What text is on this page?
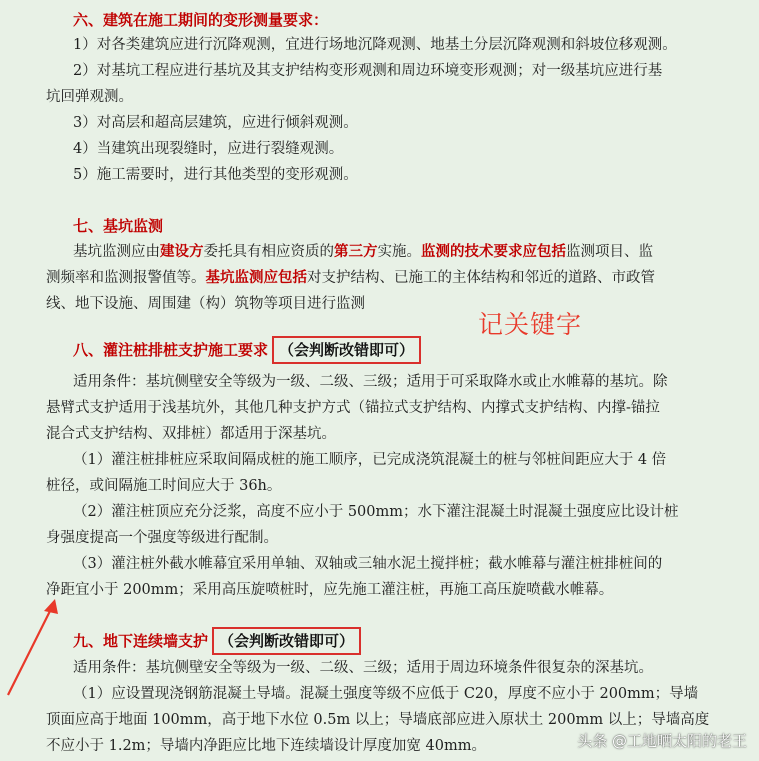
六、建筑在施工期间的变形测量要求：
1）对各类建筑应进行沉降观测，宜进行场地沉降观测、地基土分层沉降观测和斜坡位移观测。
2）对基坑工程应进行基坑及其支护结构变形观测和周边环境变形观测；对一级基坑应进行基
坑回弹观测。
3）对高层和超高层建筑，应进行倾斜观测。
4）当建筑出现裂缝时，应进行裂缝观测。
5）施工需要时，进行其他类型的变形观测。
七、基坑监测
基坑监测应由建设方委托具有相应资质的第三方实施。监测的技术要求应包括监测项目、监
测频率和监测报警值等。基坑监测应包括对支护结构、已施工的主体结构和邻近的道路、市政管
线、地下设施、周围建（构）筑物等项目进行监测
记关键字
八、灌注桩排桩支护施工要求 （会判断改错即可）
适用条件：基坑侧壁安全等级为一级、二级、三级；适用于可采取降水或止水帷幕的基坑。除
悬臂式支护适用于浅基坑外，其他几种支护方式（锚拉式支护结构、内撑式支护结构、内撑-锚拉
混合式支护结构、双排桩）都适用于深基坑。
（1）灌注桩排桩应采取间隔成桩的施工顺序，已完成浇筑混凝土的桩与邻桩间距应大于 4 倍
桩径，或间隔施工时间应大于 36h。
（2）灌注桩顶应充分泛浆，高度不应小于 500mm；水下灌注混凝土时混凝土强度应比设计桩
身强度提高一个强度等级进行配制。
（3）灌注桩外截水帷幕宜采用单轴、双轴或三轴水泥土搅拌桩；截水帷幕与灌注桩排桩间的
净距宜小于 200mm；采用高压旋喷桩时，应先施工灌注桩，再施工高压旋喷截水帷幕。
九、地下连续墙支护 （会判断改错即可）
适用条件：基坑侧壁安全等级为一级、二级、三级；适用于周边环境条件很复杂的深基坑。
（1）应设置现浇钢筋混凝土导墙。混凝土强度等级不应低于 C20，厚度不应小于 200mm；导墙
顶面应高于地面 100mm，高于地下水位 0.5m 以上；导墙底部应进入原状土 200mm 以上；导墙高度
不应小于 1.2m；导墙内净距应比地下连续墙设计厚度加宽 40mm。	头条 @工地晒太阳的老王
